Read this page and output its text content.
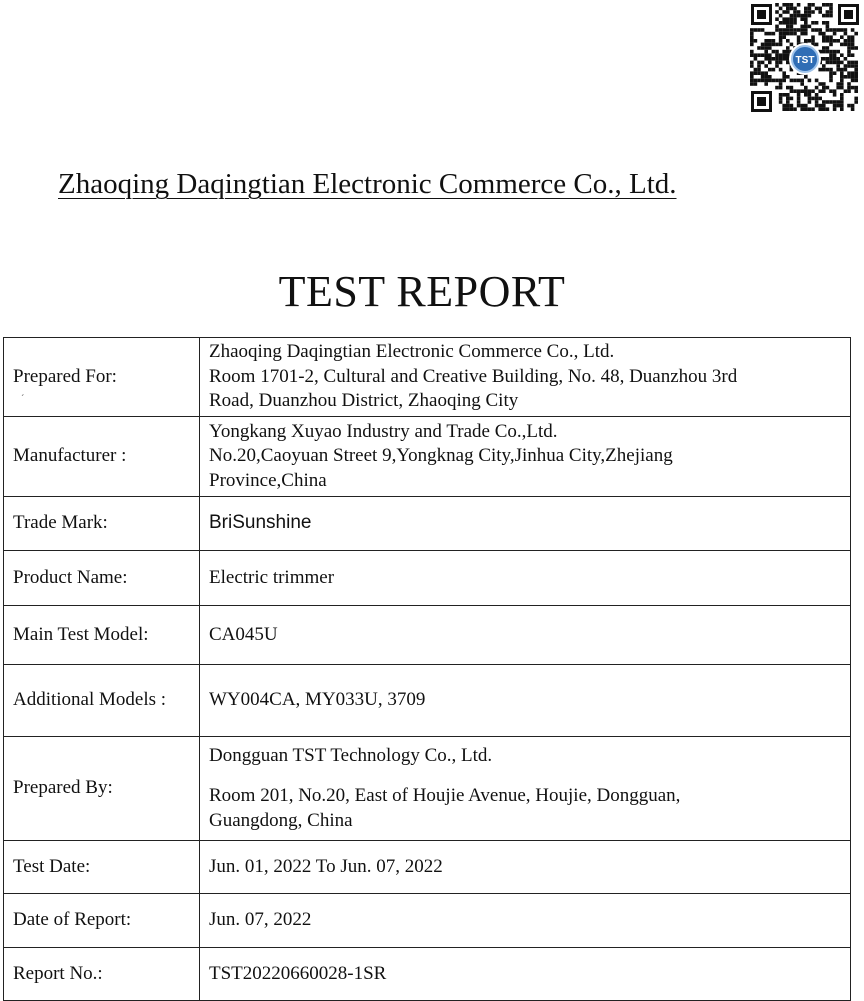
TST
Zhaoqing Daqingtian Electronic Commerce Co., Ltd.
TEST REPORT
ˊ
Prepared For:	Zhaoqing Daqingtian Electronic Commerce Co., Ltd.
Room 1701-2, Cultural and Creative Building, No. 48, Duanzhou 3rd
Road, Duanzhou District, Zhaoqing City

Manufacturer :	Yongkang Xuyao Industry and Trade Co.,Ltd.
No.20,Caoyuan Street 9,Yongknag City,Jinhua City,Zhejiang
Province,China

Trade Mark:	BriSunshine
Product Name:	Electric trimmer
Main Test Model:	CA045U
Additional Models :	WY004CA, MY033U, 3709
Prepared By:	Dongguan TST Technology Co., Ltd.
Room 201, No.20, East of Houjie Avenue, Houjie, Dongguan,
Guangdong, China

Test Date:	Jun. 01, 2022 To Jun. 07, 2022
Date of Report:	Jun. 07, 2022
Report No.:	TST20220660028-1SR
